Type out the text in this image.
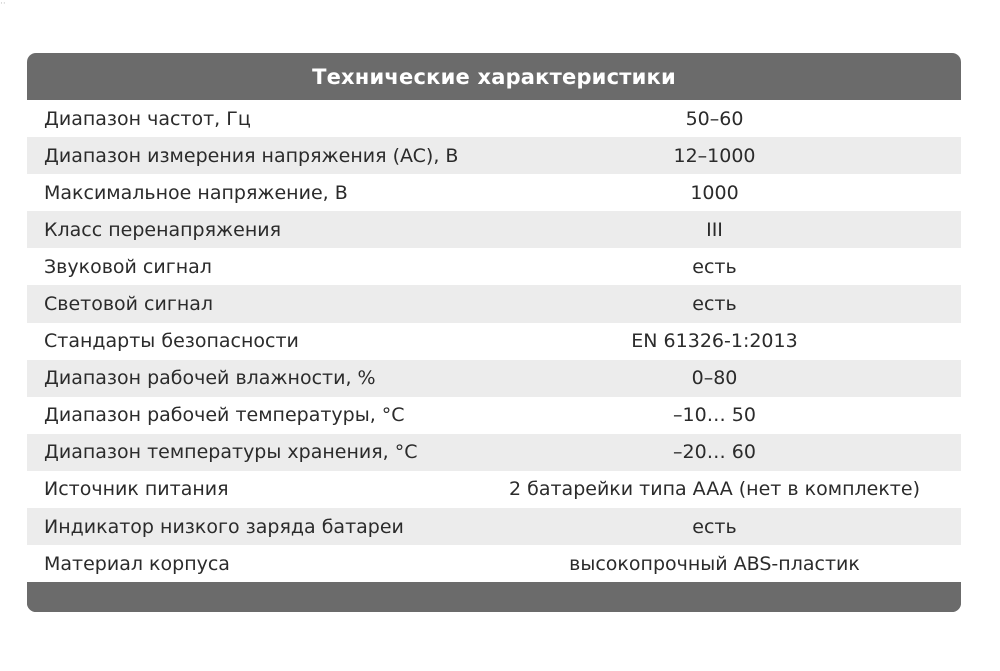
··
Технические характеристики
Диапазон частот, Гц	50–60
Диапазон измерения напряжения (AC), В	12–1000
Максимальное напряжение, В	1000
Класс перенапряжения	III
Звуковой сигнал	есть
Световой сигнал	есть
Стандарты безопасности	EN 61326-1:2013
Диапазон рабочей влажности, %	0–80
Диапазон рабочей температуры, °C	–10… 50
Диапазон температуры хранения, °C	–20… 60
Источник питания	2 батарейки типа AAA (нет в комплекте)
Индикатор низкого заряда батареи	есть
Материал корпуса	высокопрочный ABS-пластик
